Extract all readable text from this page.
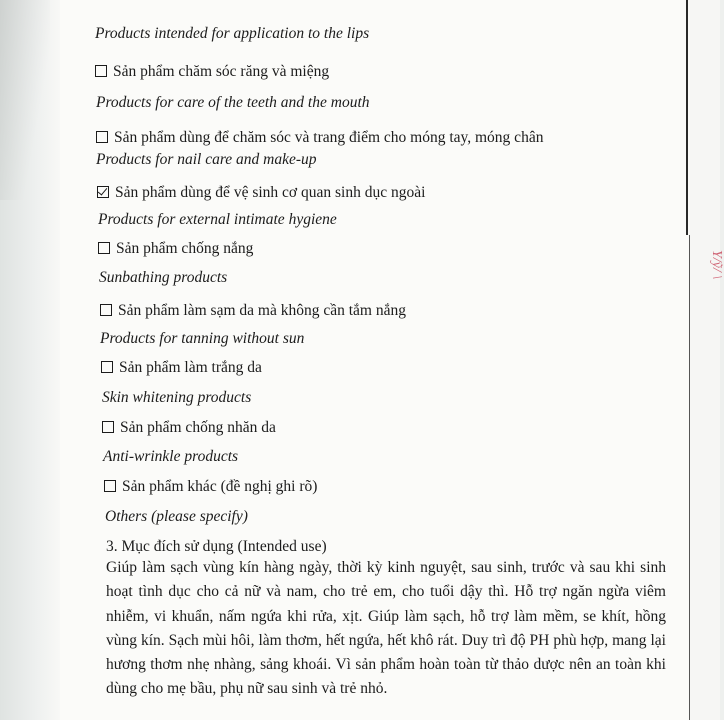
Y/ỹ/ \
Products intended for application to the lips
Sản phẩm chăm sóc răng và miệng
Products for care of the teeth and the mouth
Sản phẩm dùng để chăm sóc và trang điểm cho móng tay, móng chân
Products for nail care and make-up
Sản phẩm dùng để vệ sinh cơ quan sinh dục ngoài
Products for external intimate hygiene
Sản phẩm chống nắng
Sunbathing products
Sản phẩm làm sạm da mà không cần tắm nắng
Products for tanning without sun
Sản phẩm làm trắng da
Skin whitening products
Sản phẩm chống nhăn da
Anti-wrinkle products
Sản phẩm khác (đề nghị ghi rõ)
Others (please specify)
3. Mục đích sử dụng (Intended use)
Giúp làm sạch vùng kín hàng ngày, thời kỳ kinh nguyệt, sau sinh, trước và sau khi sinh hoạt tình dục cho cả nữ và nam, cho trẻ em, cho tuổi dậy thì. Hỗ trợ ngăn ngừa viêm nhiễm, vi khuẩn, nấm ngứa khi rửa, xịt. Giúp làm sạch, hỗ trợ làm mềm, se khít, hồng vùng kín. Sạch mùi hôi, làm thơm, hết ngứa, hết khô rát. Duy trì độ PH phù hợp, mang lại hương thơm nhẹ nhàng, sảng khoái. Vì sản phẩm hoàn toàn từ thảo dược nên an toàn khi dùng cho mẹ bầu, phụ nữ sau sinh và trẻ nhỏ.
